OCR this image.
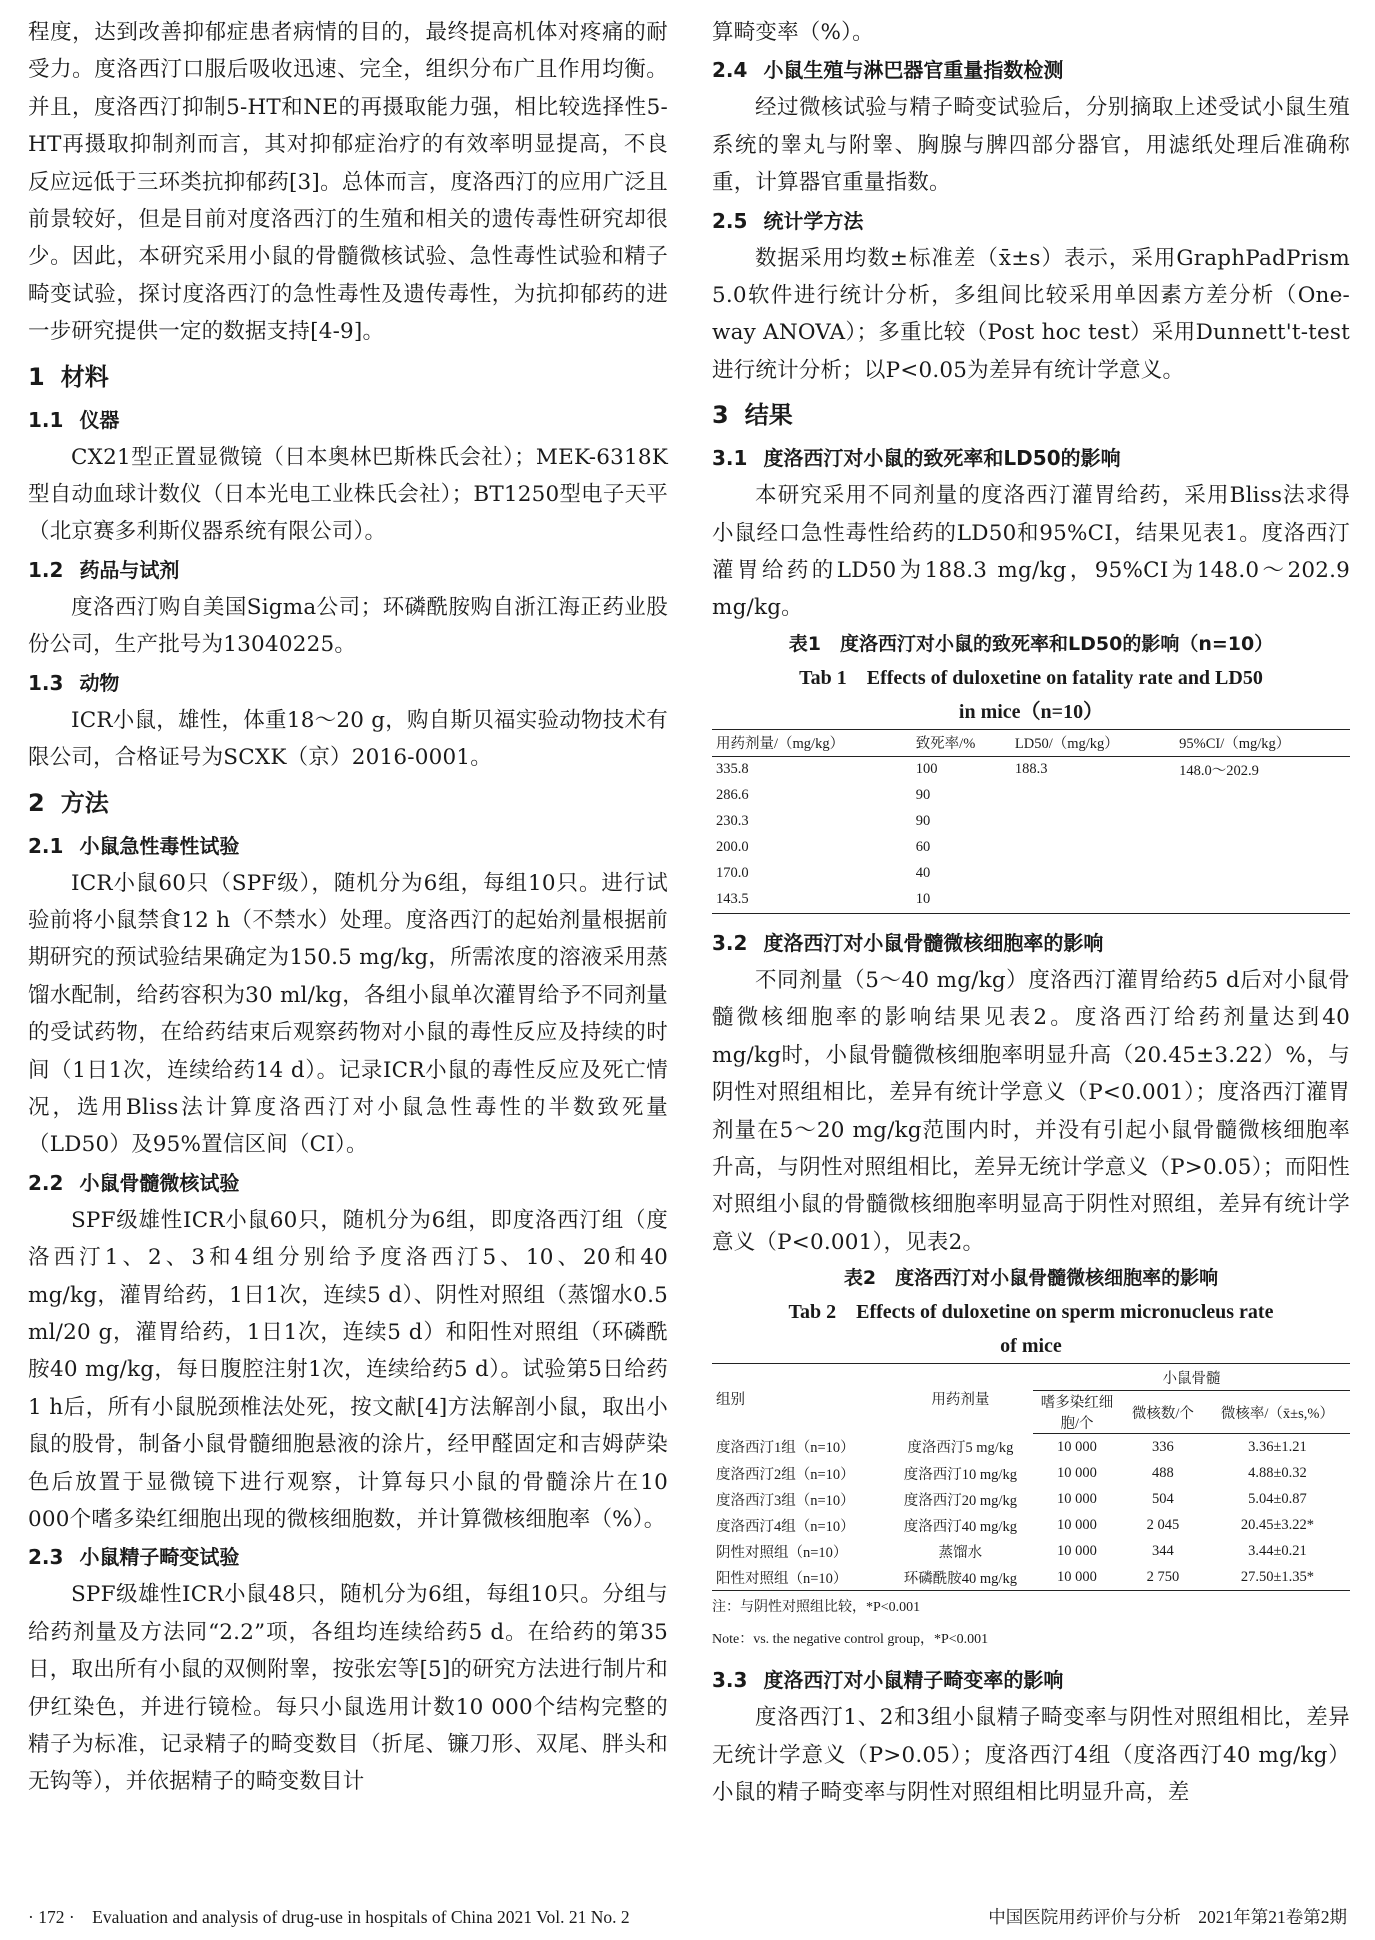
程度，达到改善抑郁症患者病情的目的，最终提高机体对疼痛的耐受力。度洛西汀口服后吸收迅速、完全，组织分布广且作用均衡。并且，度洛西汀抑制5-HT和NE的再摄取能力强，相比较选择性5-HT再摄取抑制剂而言，其对抑郁症治疗的有效率明显提高，不良反应远低于三环类抗抑郁药[3]。总体而言，度洛西汀的应用广泛且前景较好，但是目前对度洛西汀的生殖和相关的遗传毒性研究却很少。因此，本研究采用小鼠的骨髓微核试验、急性毒性试验和精子畸变试验，探讨度洛西汀的急性毒性及遗传毒性，为抗抑郁药的进一步研究提供一定的数据支持[4-9]。

1 材料
1.1 仪器

CX21型正置显微镜（日本奥林巴斯株氏会社）；MEK-6318K型自动血球计数仪（日本光电工业株氏会社）；BT1250型电子天平（北京赛多利斯仪器系统有限公司）。

1.2 药品与试剂

度洛西汀购自美国Sigma公司；环磷酰胺购自浙江海正药业股份公司，生产批号为13040225。

1.3 动物

ICR小鼠，雄性，体重18～20 g，购自斯贝福实验动物技术有限公司，合格证号为SCXK（京）2016-0001。

2 方法
2.1 小鼠急性毒性试验

ICR小鼠60只（SPF级），随机分为6组，每组10只。进行试验前将小鼠禁食12 h（不禁水）处理。度洛西汀的起始剂量根据前期研究的预试验结果确定为150.5 mg/kg，所需浓度的溶液采用蒸馏水配制，给药容积为30 ml/kg，各组小鼠单次灌胃给予不同剂量的受试药物，在给药结束后观察药物对小鼠的毒性反应及持续的时间（1日1次，连续给药14 d）。记录ICR小鼠的毒性反应及死亡情况，选用Bliss法计算度洛西汀对小鼠急性毒性的半数致死量（LD50）及95%置信区间（CI）。

2.2 小鼠骨髓微核试验

SPF级雄性ICR小鼠60只，随机分为6组，即度洛西汀组（度洛西汀1、2、3和4组分别给予度洛西汀5、10、20和40 mg/kg，灌胃给药，1日1次，连续5 d）、阴性对照组（蒸馏水0.5 ml/20 g，灌胃给药，1日1次，连续5 d）和阳性对照组（环磷酰胺40 mg/kg，每日腹腔注射1次，连续给药5 d）。试验第5日给药1 h后，所有小鼠脱颈椎法处死，按文献[4]方法解剖小鼠，取出小鼠的股骨，制备小鼠骨髓细胞悬液的涂片，经甲醛固定和吉姆萨染色后放置于显微镜下进行观察，计算每只小鼠的骨髓涂片在10 000个嗜多染红细胞出现的微核细胞数，并计算微核细胞率（%）。

2.3 小鼠精子畸变试验

SPF级雄性ICR小鼠48只，随机分为6组，每组10只。分组与给药剂量及方法同“2.2”项，各组均连续给药5 d。在给药的第35日，取出所有小鼠的双侧附睾，按张宏等[5]的研究方法进行制片和伊红染色，并进行镜检。每只小鼠选用计数10 000个结构完整的精子为标准，记录精子的畸变数目（折尾、镰刀形、双尾、胖头和无钩等），并依据精子的畸变数目计

算畸变率（%）。

2.4 小鼠生殖与淋巴器官重量指数检测

经过微核试验与精子畸变试验后，分别摘取上述受试小鼠生殖系统的睾丸与附睾、胸腺与脾四部分器官，用滤纸处理后准确称重，计算器官重量指数。

2.5 统计学方法

数据采用均数±标准差（x̄±s）表示，采用GraphPadPrism 5.0软件进行统计分析，多组间比较采用单因素方差分析（One-way ANOVA）；多重比较（Post hoc test）采用Dunnett't-test进行统计分析；以P<0.05为差异有统计学意义。

3 结果
3.1 度洛西汀对小鼠的致死率和LD50的影响

本研究采用不同剂量的度洛西汀灌胃给药，采用Bliss法求得小鼠经口急性毒性给药的LD50和95%CI，结果见表1。度洛西汀灌胃给药的LD50为188.3 mg/kg，95%CI为148.0～202.9 mg/kg。

表1　度洛西汀对小鼠的致死率和LD50的影响（n=10）

Tab 1　Effects of duloxetine on fatality rate and LD50

in mice（n=10）

用药剂量/（mg/kg）	致死率/%	LD50/（mg/kg）	95%CI/（mg/kg）
335.8	100	188.3	148.0～202.9
286.6	90		
230.3	90		
200.0	60		
170.0	40		
143.5	10		
3.2 度洛西汀对小鼠骨髓微核细胞率的影响

不同剂量（5～40 mg/kg）度洛西汀灌胃给药5 d后对小鼠骨髓微核细胞率的影响结果见表2。度洛西汀给药剂量达到40 mg/kg时，小鼠骨髓微核细胞率明显升高（20.45±3.22）%，与阴性对照组相比，差异有统计学意义（P<0.001）；度洛西汀灌胃剂量在5～20 mg/kg范围内时，并没有引起小鼠骨髓微核细胞率升高，与阴性对照组相比，差异无统计学意义（P>0.05）；而阳性对照组小鼠的骨髓微核细胞率明显高于阴性对照组，差异有统计学意义（P<0.001），见表2。

表2　度洛西汀对小鼠骨髓微核细胞率的影响

Tab 2　Effects of duloxetine on sperm micronucleus rate

of mice

组别	用药剂量	小鼠骨髓		
		嗜多染红细胞/个	微核数/个	微核率/（x̄±s,%）
度洛西汀1组（n=10）	度洛西汀5 mg/kg	10 000	336	3.36±1.21
度洛西汀2组（n=10）	度洛西汀10 mg/kg	10 000	488	4.88±0.32
度洛西汀3组（n=10）	度洛西汀20 mg/kg	10 000	504	5.04±0.87
度洛西汀4组（n=10）	度洛西汀40 mg/kg	10 000	2 045	20.45±3.22*
阴性对照组（n=10）	蒸馏水	10 000	344	3.44±0.21
阳性对照组（n=10）	环磷酰胺40 mg/kg	10 000	2 750	27.50±1.35*

注：与阴性对照组比较，*P<0.001

Note：vs. the negative control group，*P<0.001

3.3 度洛西汀对小鼠精子畸变率的影响

度洛西汀1、2和3组小鼠精子畸变率与阴性对照组相比，差异无统计学意义（P>0.05）；度洛西汀4组（度洛西汀40 mg/kg）小鼠的精子畸变率与阴性对照组相比明显升高，差

· 172 ·　Evaluation and analysis of drug-use in hospitals of China 2021 Vol. 21 No. 2	中国医院用药评价与分析　2021年第21卷第2期
